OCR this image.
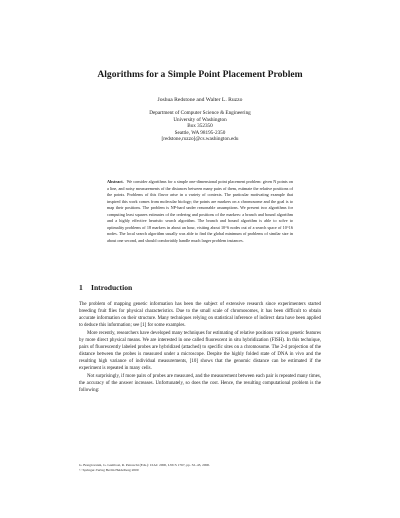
Algorithms for a Simple Point Placement Problem
Joshua Redstone and Walter L. Ruzzo
Department of Computer Science & Engineering
University of Washington
Box 352350
Seattle, WA 98195-2350
[redstone,ruzzo]@cs.washington.edu
Abstract. We consider algorithms for a simple one-dimensional point placement problem: given N points on a line, and noisy measurements of the distances between many pairs of them, estimate the relative positions of the points. Problems of this flavor arise in a variety of contexts. The particular motivating example that inspired this work comes from molecular biology; the points are markers on a chromosome and the goal is to map their positions. The problem is NP-hard under reasonable assumptions. We present two algorithms for computing least squares estimates of the ordering and positions of the markers: a branch and bound algorithm and a highly effective heuristic search algorithm. The branch and bound algorithm is able to solve to optimality problems of 18 markers in about an hour, visiting about 10^6 nodes out of a search space of 10^16 nodes. The local search algorithm usually was able to find the global minimum of problems of similar size in about one second, and should comfortably handle much larger problem instances.
1 Introduction

The problem of mapping genetic information has been the subject of extensive research since experimenters started breeding fruit flies for physical characteristics. Due to the small scale of chromosomes, it has been difficult to obtain accurate information on their structure. Many techniques relying on statistical inference of indirect data have been applied to deduce this information; see [1] for some examples.

More recently, researchers have developed many techniques for estimating of relative positions various genetic features by more direct physical means. We are interested in one called fluorescent in situ hybridization (FISH). In this technique, pairs of fluorescently labeled probes are hybridized (attached) to specific sites on a chromosome. The 2-d projection of the distance between the probes is measured under a microscope. Despite the highly folded state of DNA in vivo and the resulting high variance of individual measurements, [10] shows that the genomic distance can be estimated if the experiment is repeated in many cells.

Not surprisingly, if more pairs of probes are measured, and the measurement between each pair is repeated many times, the accuracy of the answer increases. Unfortunately, so does the cost. Hence, the resulting computational problem is the following:

G. Bongiovanni, G. Gambosi, R. Petreschi (Eds.): CIAC 2000, LNCS 1767, pp. 32–43, 2000.
© Springer-Verlag Berlin Heidelberg 2000
